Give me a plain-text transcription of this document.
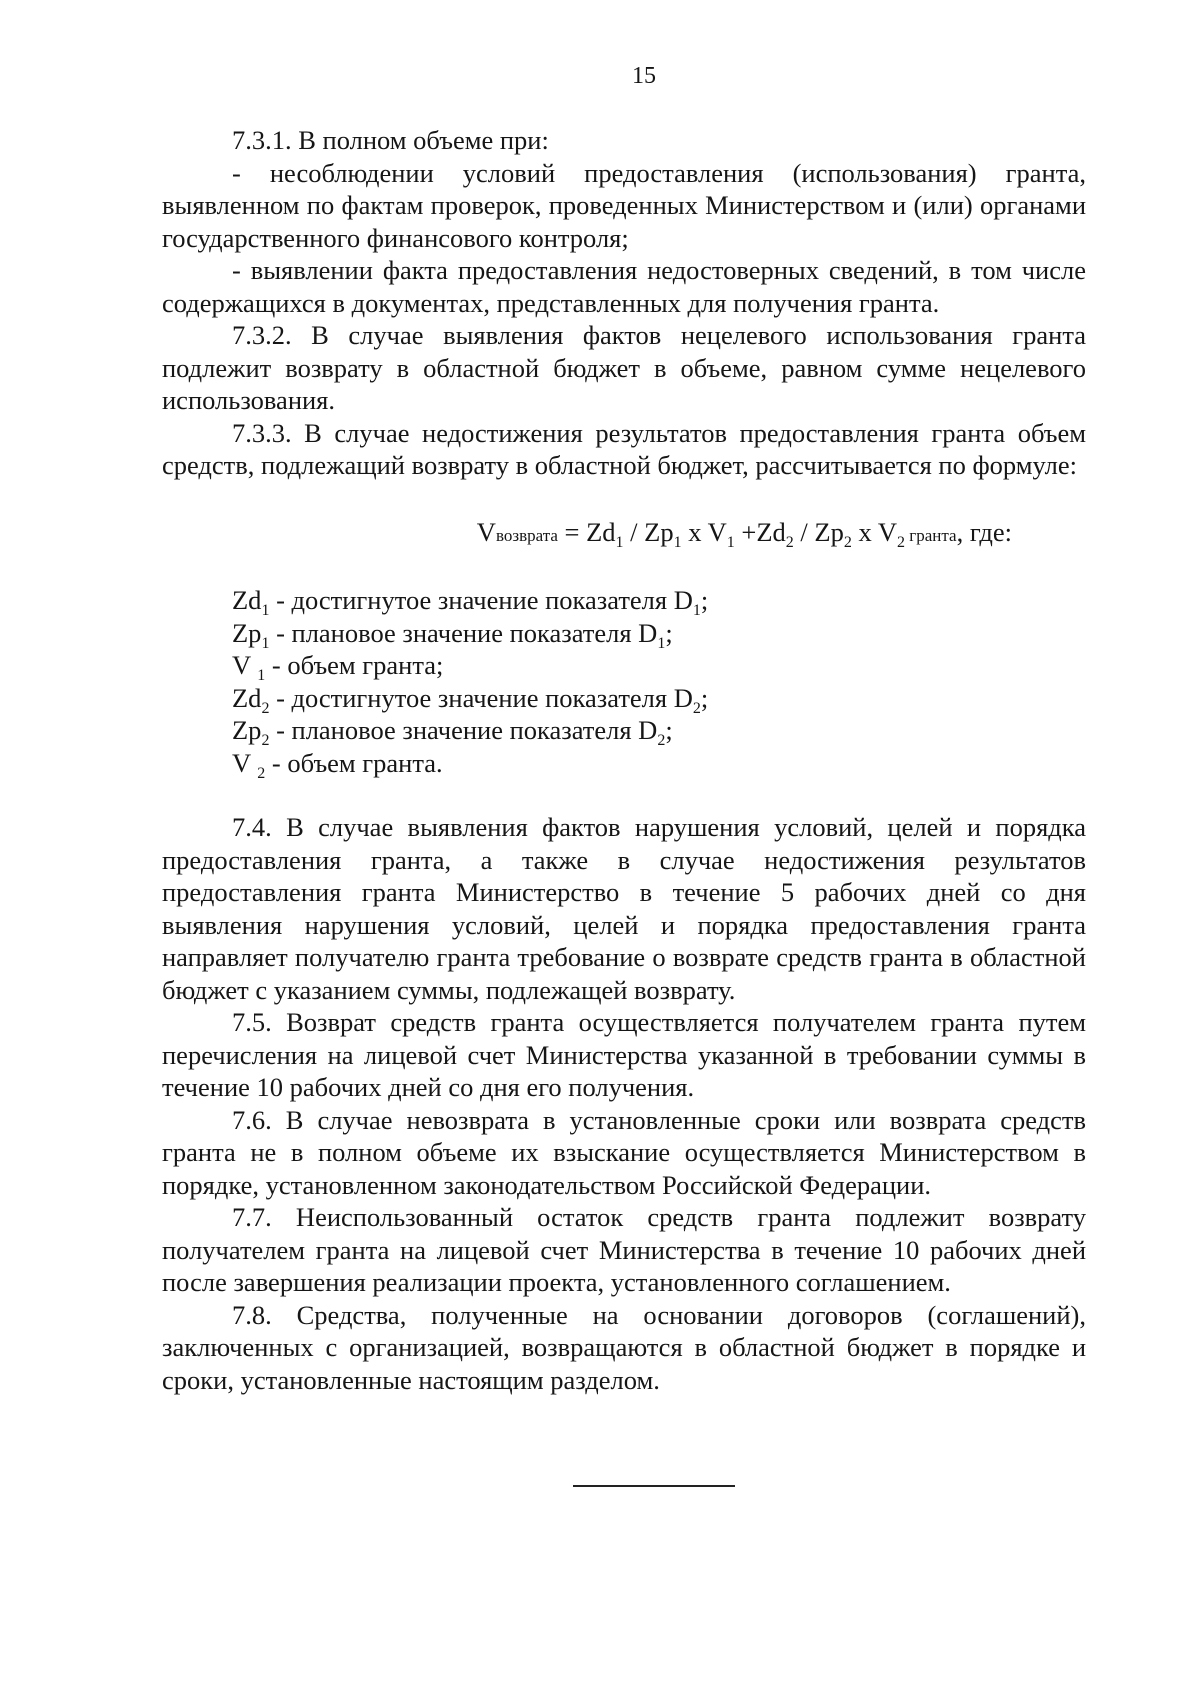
15

7.3.1. В полном объеме при:

- несоблюдении условий предоставления (использования) гранта, выявленном по фактам проверок, проведенных Министерством и (или) органами государственного финансового контроля;

- выявлении факта предоставления недостоверных сведений, в том числе содержащихся в документах, представленных для получения гранта.

7.3.2. В случае выявления фактов нецелевого использования гранта подлежит возврату в областной бюджет в объеме, равном сумме нецелевого использования.

7.3.3. В случае недостижения результатов предоставления гранта объем средств, подлежащий возврату в областной бюджет, рассчитывается по формуле:

Vвозврата = $Zd_1 / Zp_1$ x $V_1 +Zd_2 / Zp_2$ x $V_2$ гранта, где:
$Zd_1$ - достигнутое значение показателя $D_1$;
$Zp_1$ - плановое значение показателя $D_1$;
V $_1$ - объем гранта;
$Zd_2$ - достигнутое значение показателя $D_2$;
$Zp_2$ - плановое значение показателя $D_2$;
V $_2$ - объем гранта.

7.4. В случае выявления фактов нарушения условий, целей и порядка предоставления гранта, а также в случае недостижения результатов предоставления гранта Министерство в течение 5 рабочих дней со дня выявления нарушения условий, целей и порядка предоставления гранта направляет получателю гранта требование о возврате средств гранта в областной бюджет с указанием суммы, подлежащей возврату.

7.5. Возврат средств гранта осуществляется получателем гранта путем перечисления на лицевой счет Министерства указанной в требовании суммы в течение 10 рабочих дней со дня его получения.

7.6. В случае невозврата в установленные сроки или возврата средств гранта не в полном объеме их взыскание осуществляется Министерством в порядке, установленном законодательством Российской Федерации.

7.7. Неиспользованный остаток средств гранта подлежит возврату получателем гранта на лицевой счет Министерства в течение 10 рабочих дней после завершения реализации проекта, установленного соглашением.

7.8. Средства, полученные на основании договоров (соглашений), заключенных с организацией, возвращаются в областной бюджет в порядке и сроки, установленные настоящим разделом.
